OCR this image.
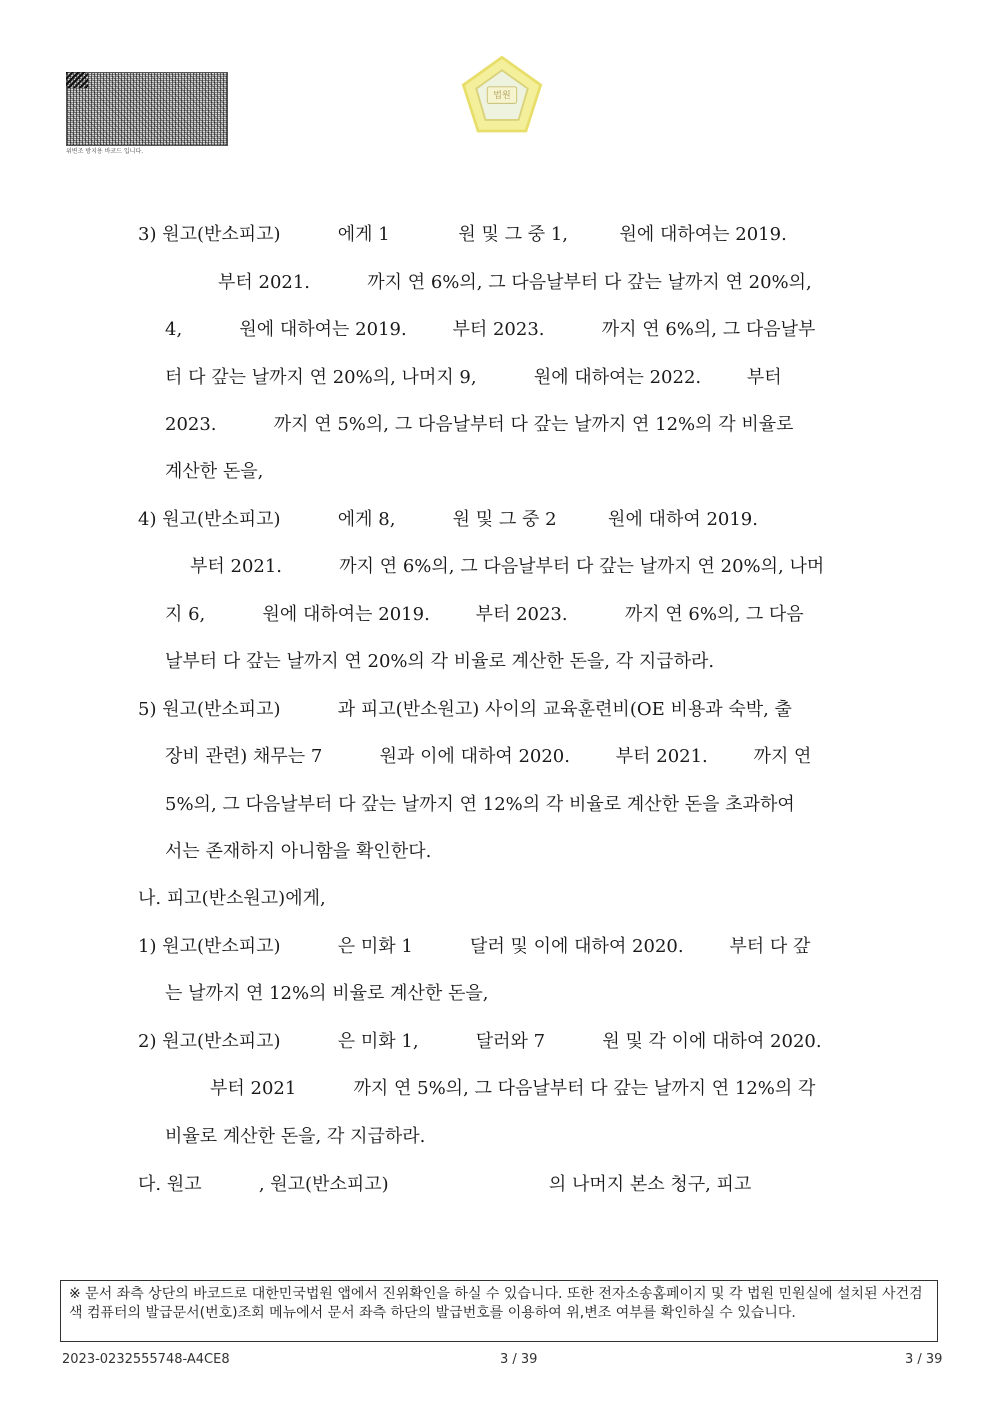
위변조 방지용 바코드 입니다.
법원
3) 원고(반소피고)          에게 1            원 및 그 중 1,         원에 대하여는 2019.
부터 2021.          까지 연 6%의, 그 다음날부터 다 갚는 날까지 연 20%의,
4,          원에 대하여는 2019.        부터 2023.          까지 연 6%의, 그 다음날부
터 다 갚는 날까지 연 20%의, 나머지 9,          원에 대하여는 2022.        부터
2023.          까지 연 5%의, 그 다음날부터 다 갚는 날까지 연 12%의 각 비율로
계산한 돈을,
4) 원고(반소피고)          에게 8,          원 및 그 중 2         원에 대하여 2019.
부터 2021.          까지 연 6%의, 그 다음날부터 다 갚는 날까지 연 20%의, 나머
지 6,          원에 대하여는 2019.        부터 2023.          까지 연 6%의, 그 다음
날부터 다 갚는 날까지 연 20%의 각 비율로 계산한 돈을, 각 지급하라.
5) 원고(반소피고)          과 피고(반소원고) 사이의 교육훈련비(OE 비용과 숙박, 출
장비 관련) 채무는 7          원과 이에 대하여 2020.        부터 2021.        까지 연
5%의, 그 다음날부터 다 갚는 날까지 연 12%의 각 비율로 계산한 돈을 초과하여
서는 존재하지 아니함을 확인한다.
나. 피고(반소원고)에게,
1) 원고(반소피고)          은 미화 1          달러 및 이에 대하여 2020.        부터 다 갚
는 날까지 연 12%의 비율로 계산한 돈을,
2) 원고(반소피고)          은 미화 1,          달러와 7          원 및 각 이에 대하여 2020.
부터 2021          까지 연 5%의, 그 다음날부터 다 갚는 날까지 연 12%의 각
비율로 계산한 돈을, 각 지급하라.
다. 원고          , 원고(반소피고)                            의 나머지 본소 청구, 피고
※ 문서 좌측 상단의 바코드로 대한민국법원 앱에서 진위확인을 하실 수 있습니다. 또한 전자소송홈페이지 및 각 법원 민원실에 설치된 사건검색 컴퓨터의 발급문서(번호)조회 메뉴에서 문서 좌측 하단의 발급번호를 이용하여 위,변조 여부를 확인하실 수 있습니다.
2023-0232555748-A4CE8	3 / 39	3 / 39
